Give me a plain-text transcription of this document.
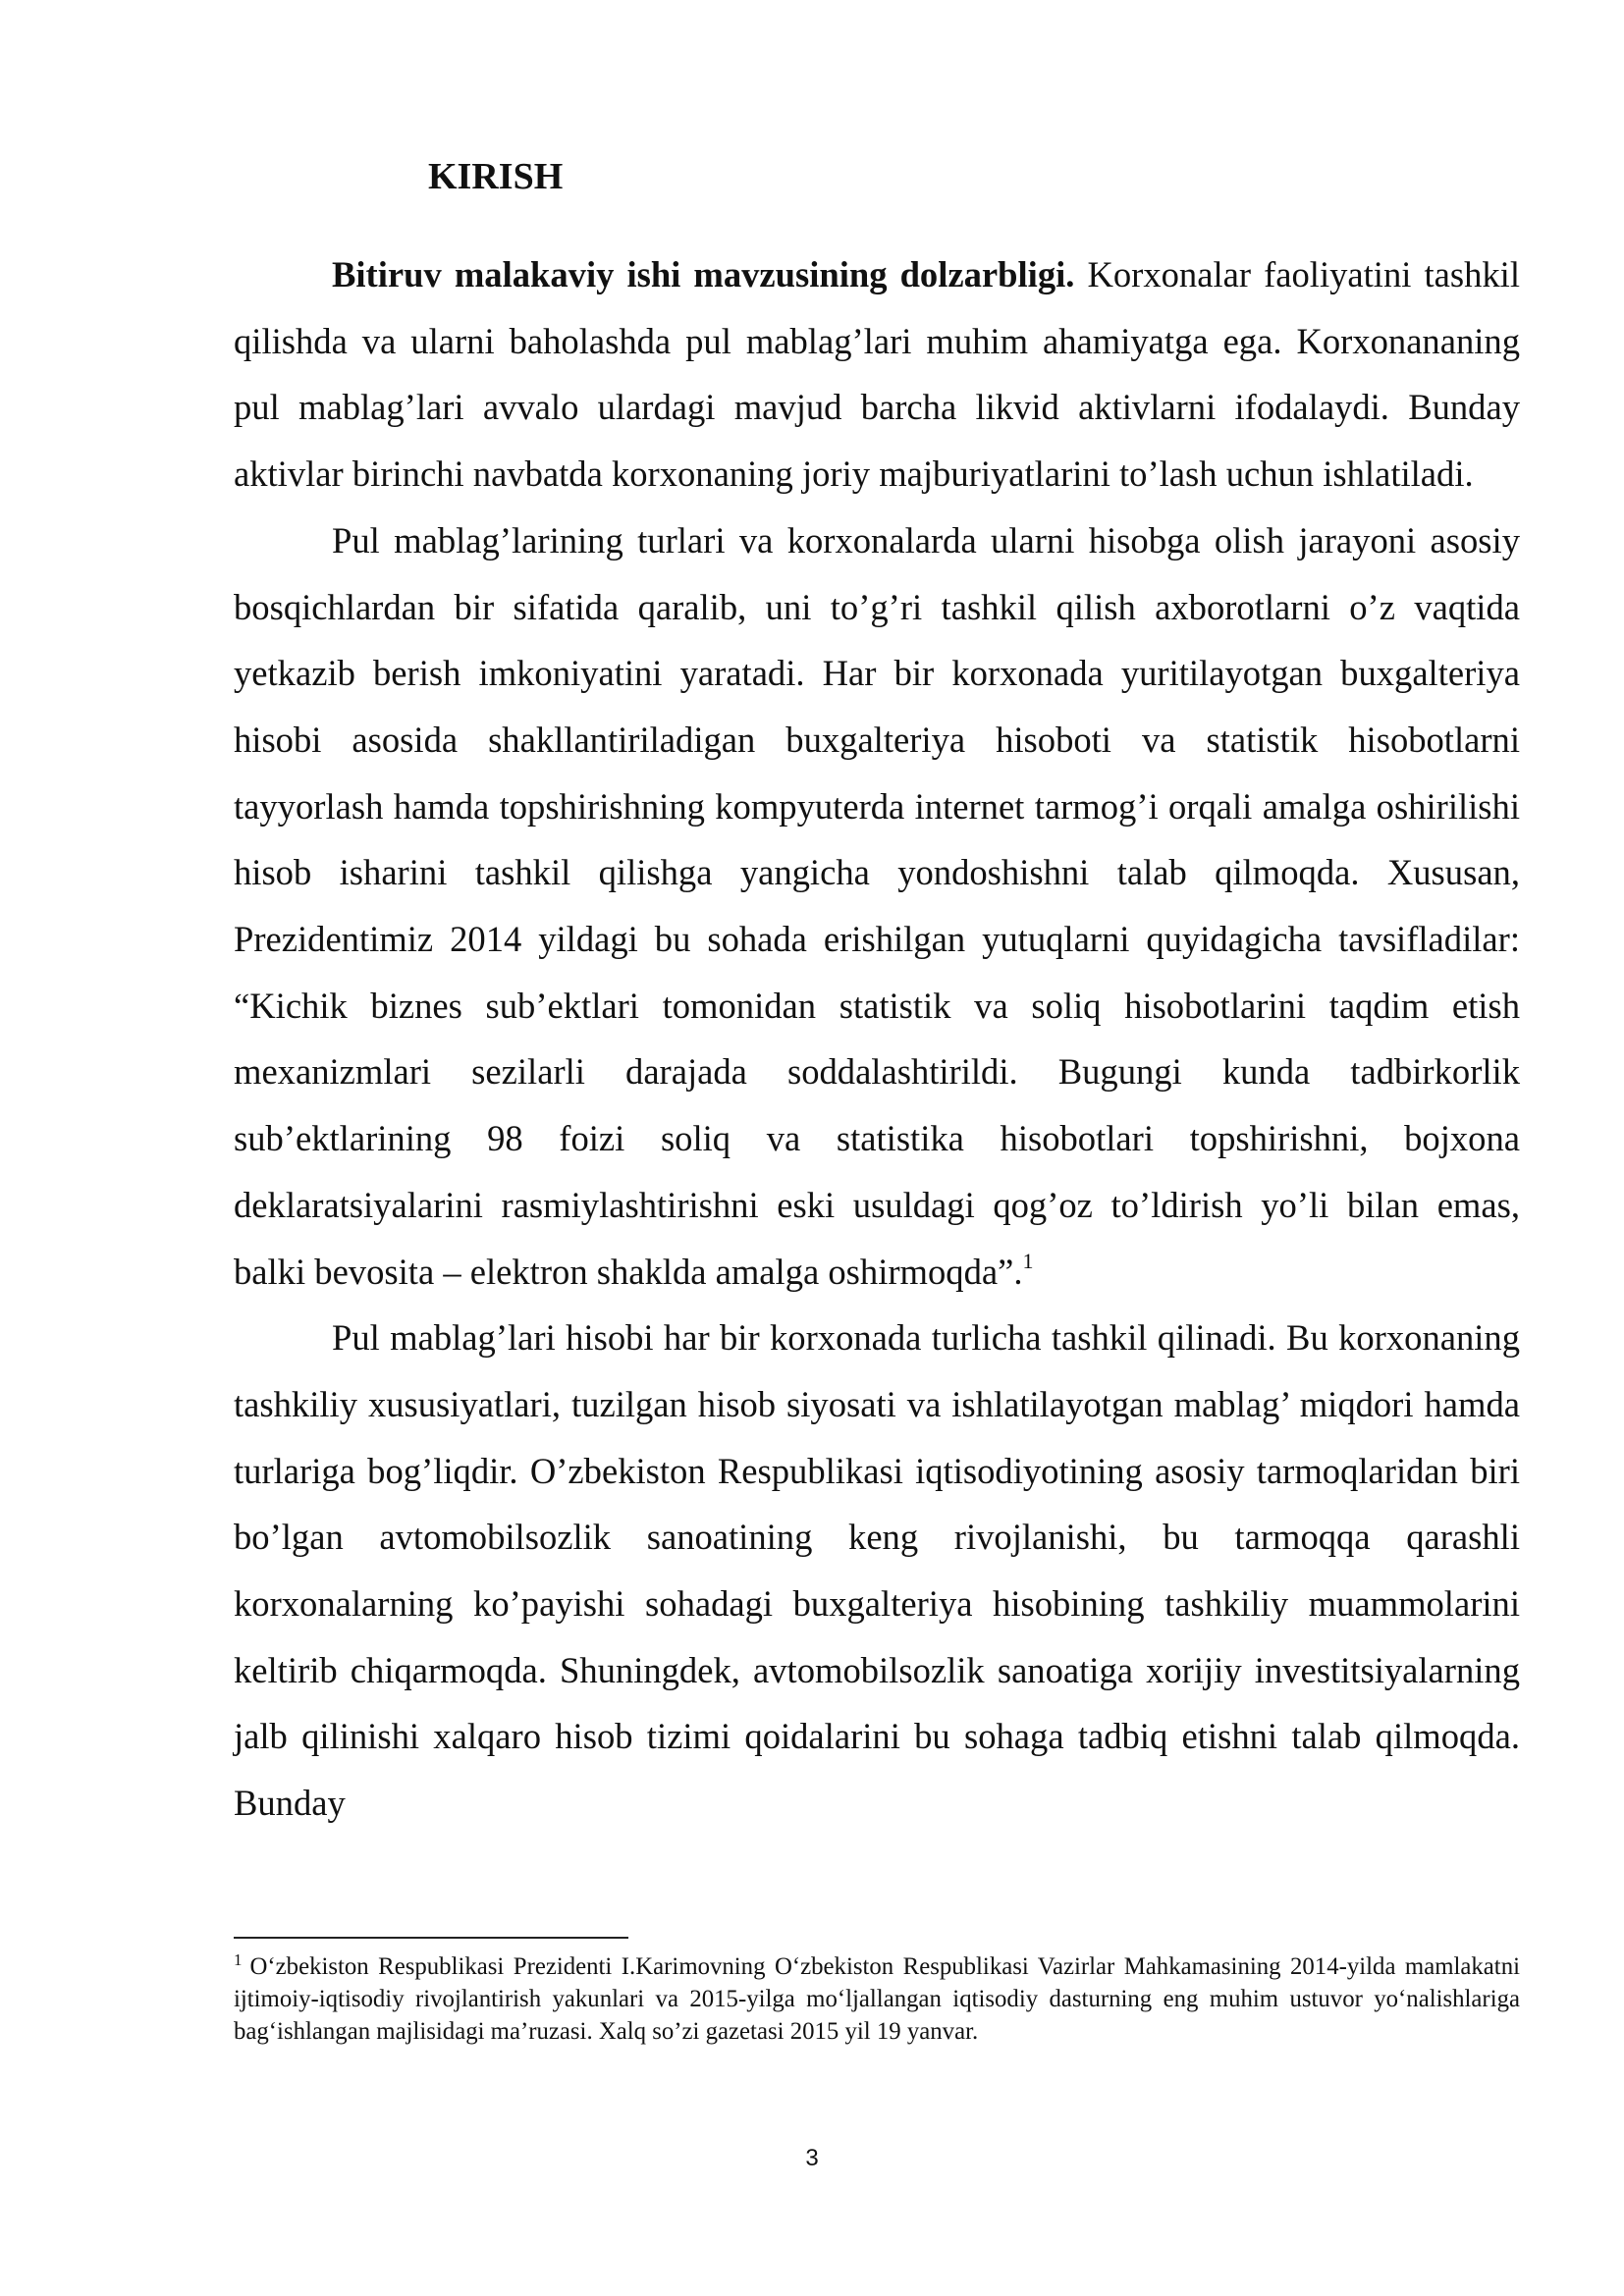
KIRISH

Bitiruv malakaviy ishi mavzusining dolzarbligi. Korxonalar faoliyatini tashkil qilishda va ularni baholashda pul mablag’lari muhim ahamiyatga ega. Korxonananing pul mablag’lari avvalo ulardagi mavjud barcha likvid aktivlarni ifodalaydi. Bunday aktivlar birinchi navbatda korxonaning joriy majburiyatlarini to’lash uchun ishlatiladi.

Pul mablag’larining turlari va korxonalarda ularni hisobga olish jarayoni asosiy bosqichlardan bir sifatida qaralib, uni to’g’ri tashkil qilish axborotlarni o’z vaqtida yetkazib berish imkoniyatini yaratadi. Har bir korxonada yuritilayotgan buxgalteriya hisobi asosida shakllantiriladigan buxgalteriya hisoboti va statistik hisobotlarni tayyorlash hamda topshirishning kompyuterda internet tarmog’i orqali amalga oshirilishi hisob isharini tashkil qilishga yangicha yondoshishni talab qilmoqda. Xususan, Prezidentimiz 2014 yildagi bu sohada erishilgan yutuqlarni quyidagicha tavsifladilar: “Kichik biznes sub’ektlari tomonidan statistik va soliq hisobotlarini taqdim etish mexanizmlari sezilarli darajada soddalashtirildi. Bugungi kunda tadbirkorlik sub’ektlarining 98 foizi soliq va statistika hisobotlari topshirishni, bojxona deklaratsiyalarini rasmiylashtirishni eski usuldagi qog’oz to’ldirish yo’li bilan emas, balki bevosita – elektron shaklda amalga oshirmoqda”.$^1$

Pul mablag’lari hisobi har bir korxonada turlicha tashkil qilinadi. Bu korxonaning tashkiliy xususiyatlari, tuzilgan hisob siyosati va ishlatilayotgan mablag’ miqdori hamda turlariga bog’liqdir. O’zbekiston Respublikasi iqtisodiyotining asosiy tarmoqlaridan biri bo’lgan avtomobilsozlik sanoatining keng rivojlanishi, bu tarmoqqa qarashli korxonalarning ko’payishi sohadagi buxgalteriya hisobining tashkiliy muammolarini keltirib chiqarmoqda. Shuningdek, avtomobilsozlik sanoatiga xorijiy investitsiyalarning jalb qilinishi xalqaro hisob tizimi qoidalarini bu sohaga tadbiq etishni talab qilmoqda. Bunday

$^1$ O‘zbekiston Respublikasi Prezidenti I.Karimovning O‘zbekiston Respublikasi Vazirlar Mahkamasining 2014-yilda mamlakatni ijtimoiy-iqtisodiy rivojlantirish yakunlari va 2015-yilga mo‘ljallangan iqtisodiy dasturning eng muhim ustuvor yo‘nalishlariga bag‘ishlangan majlisidagi ma’ruzasi. Xalq so’zi gazetasi 2015 yil 19 yanvar.

3
